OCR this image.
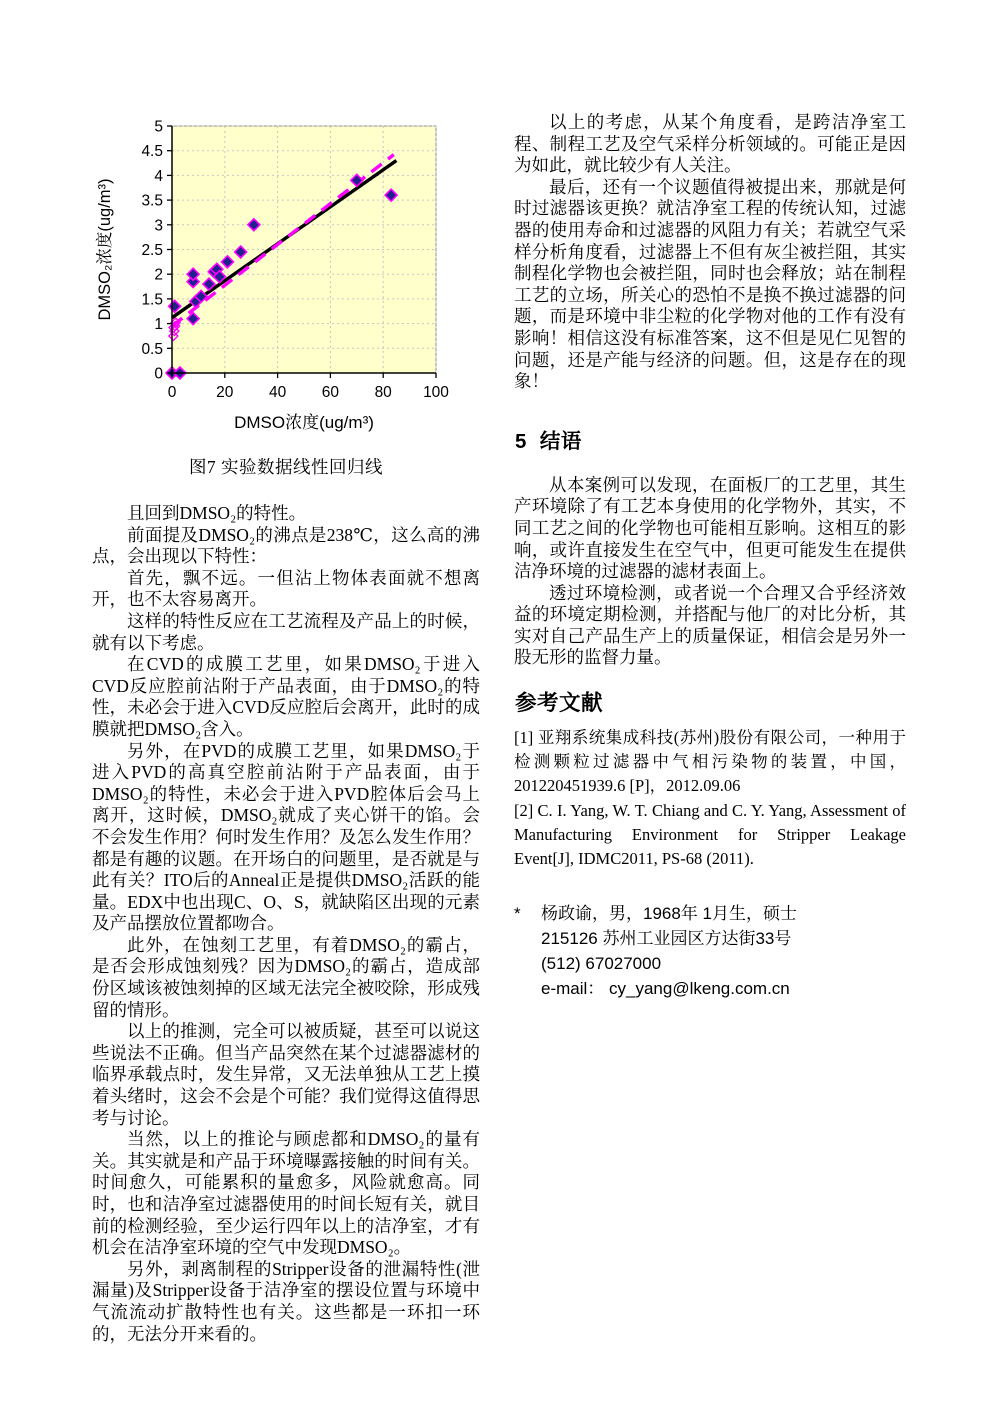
0
0.5
1
1.5
2
2.5
3
3.5
4
4.5
5
0	20 40 60 80 100
DMSO浓度(ug/m³)
DMSO₂浓度(ug/m³)
图7 实验数据线性回归线

且回到DMSO₂的特性。

前面提及DMSO₂的沸点是238℃，这么高的沸点，会出现以下特性：

首先，飘不远。一但沾上物体表面就不想离开，也不太容易离开。

这样的特性反应在工艺流程及产品上的时候，就有以下考虑。

在CVD的成膜工艺里，如果DMSO₂于进入CVD反应腔前沾附于产品表面，由于DMSO₂的特性，未必会于进入CVD反应腔后会离开，此时的成膜就把DMSO₂含入。

另外，在PVD的成膜工艺里，如果DMSO₂于进入PVD的高真空腔前沾附于产品表面，由于DMSO₂的特性，未必会于进入PVD腔体后会马上离开，这时候，DMSO₂就成了夹心饼干的馅。会不会发生作用？何时发生作用？及怎么发生作用？都是有趣的议题。在开场白的问题里，是否就是与此有关？ITO后的Anneal正是提供DMSO₂活跃的能量。EDX中也出现C、O、S，就缺陷区出现的元素及产品摆放位置都吻合。

此外，在蚀刻工艺里，有着DMSO₂的霸占，是否会形成蚀刻残？因为DMSO₂的霸占，造成部份区域该被蚀刻掉的区域无法完全被咬除，形成残留的情形。

以上的推测，完全可以被质疑，甚至可以说这些说法不正确。但当产品突然在某个过滤器滤材的临界承载点时，发生异常，又无法单独从工艺上摸着头绪时，这会不会是个可能？我们觉得这值得思考与讨论。

当然，以上的推论与顾虑都和DMSO₂的量有关。其实就是和产品于环境曝露接触的时间有关。时间愈久，可能累积的量愈多，风险就愈高。同时，也和洁净室过滤器使用的时间长短有关，就目前的检测经验，至少运行四年以上的洁净室，才有机会在洁净室环境的空气中发现DMSO₂。

另外，剥离制程的Stripper设备的泄漏特性(泄漏量)及Stripper设备于洁净室的摆设位置与环境中气流流动扩散特性也有关。这些都是一环扣一环的，无法分开来看的。

以上的考虑，从某个角度看，是跨洁净室工程、制程工艺及空气采样分析领域的。可能正是因为如此，就比较少有人关注。

最后，还有一个议题值得被提出来，那就是何时过滤器该更换？就洁净室工程的传统认知，过滤器的使用寿命和过滤器的风阻力有关；若就空气采样分析角度看，过滤器上不但有灰尘被拦阻，其实制程化学物也会被拦阻，同时也会释放；站在制程工艺的立场，所关心的恐怕不是换不换过滤器的问题，而是环境中非尘粒的化学物对他的工作有没有影响！相信这没有标准答案，这不但是见仁见智的问题，还是产能与经济的问题。但，这是存在的现象！

5 结语

从本案例可以发现，在面板厂的工艺里，其生产环境除了有工艺本身使用的化学物外，其实，不同工艺之间的化学物也可能相互影响。这相互的影响，或许直接发生在空气中，但更可能发生在提供洁净环境的过滤器的滤材表面上。

透过环境检测，或者说一个合理又合乎经济效益的环境定期检测，并搭配与他厂的对比分析，其实对自己产品生产上的质量保证，相信会是另外一股无形的监督力量。

参考文献

[1] 亚翔系统集成科技(苏州)股份有限公司，一种用于检测颗粒过滤器中气相污染物的装置，中国，201220451939.6 [P]，2012.09.06

[2] C. I. Yang, W. T. Chiang and C. Y. Yang, Assessment of Manufacturing Environment for Stripper Leakage Event[J], IDMC2011, PS-68 (2011).

*	杨政谕，男，1968年 1月生，硕士
215126 苏州工业园区方达街33号
(512) 67027000
e-mail： cy_yang@lkeng.com.cn
